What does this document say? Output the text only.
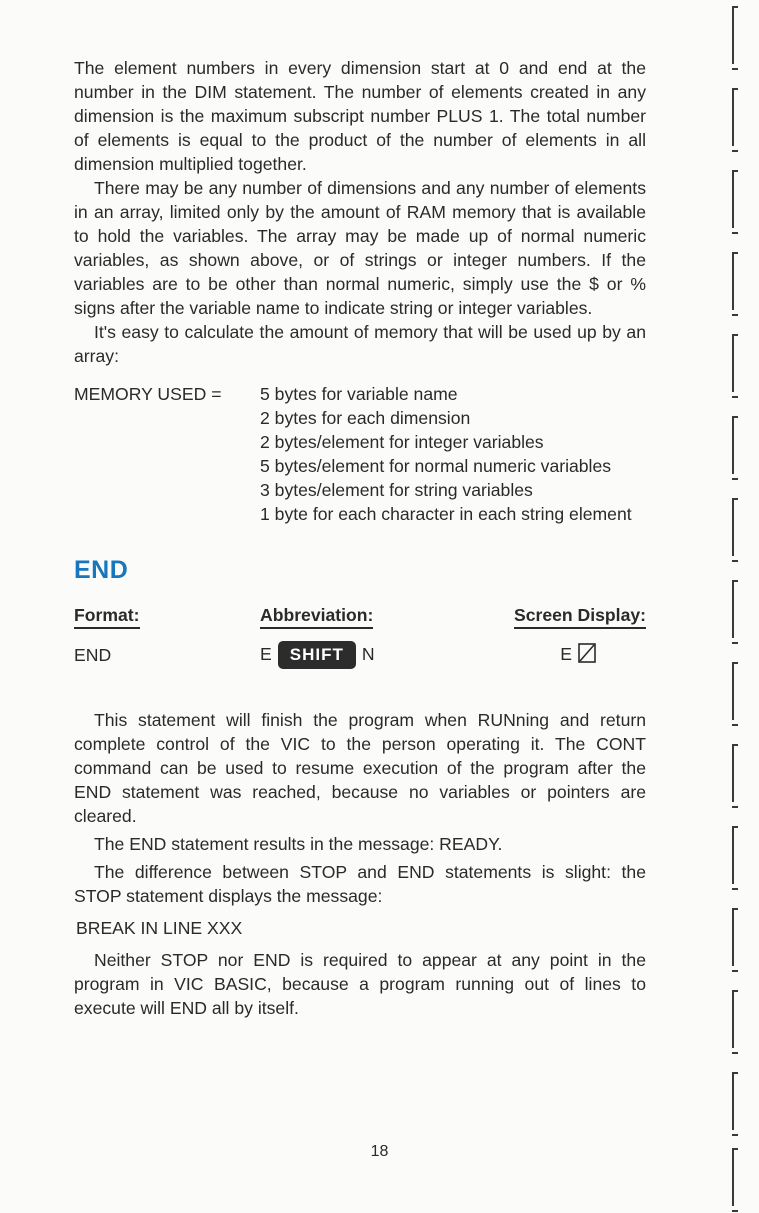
The element numbers in every dimension start at 0 and end at the number in the DIM statement. The number of elements created in any dimension is the maximum subscript number PLUS 1. The total number of elements is equal to the product of the number of elements in all dimension multiplied together.

There may be any number of dimensions and any number of elements in an array, limited only by the amount of RAM memory that is available to hold the variables. The array may be made up of normal numeric variables, as shown above, or of strings or integer numbers. If the variables are to be other than normal numeric, simply use the $ or % signs after the variable name to indicate string or integer variables.

It's easy to calculate the amount of memory that will be used up by an array:

MEMORY USED =	5 bytes for variable name
2 bytes for each dimension
2 bytes/element for integer variables
5 bytes/element for normal numeric variables
3 bytes/element for string variables
1 byte for each character in each string element
END
Format:	Abbreviation:	Screen Display:
END	E SHIFT N	E

This statement will finish the program when RUNning and return complete control of the VIC to the person operating it. The CONT command can be used to resume execution of the program after the END statement was reached, because no variables or pointers are cleared.

The END statement results in the message: READY.

The difference between STOP and END statements is slight: the STOP statement displays the message:

BREAK IN LINE XXX

Neither STOP nor END is required to appear at any point in the program in VIC BASIC, because a program running out of lines to execute will END all by itself.

18
